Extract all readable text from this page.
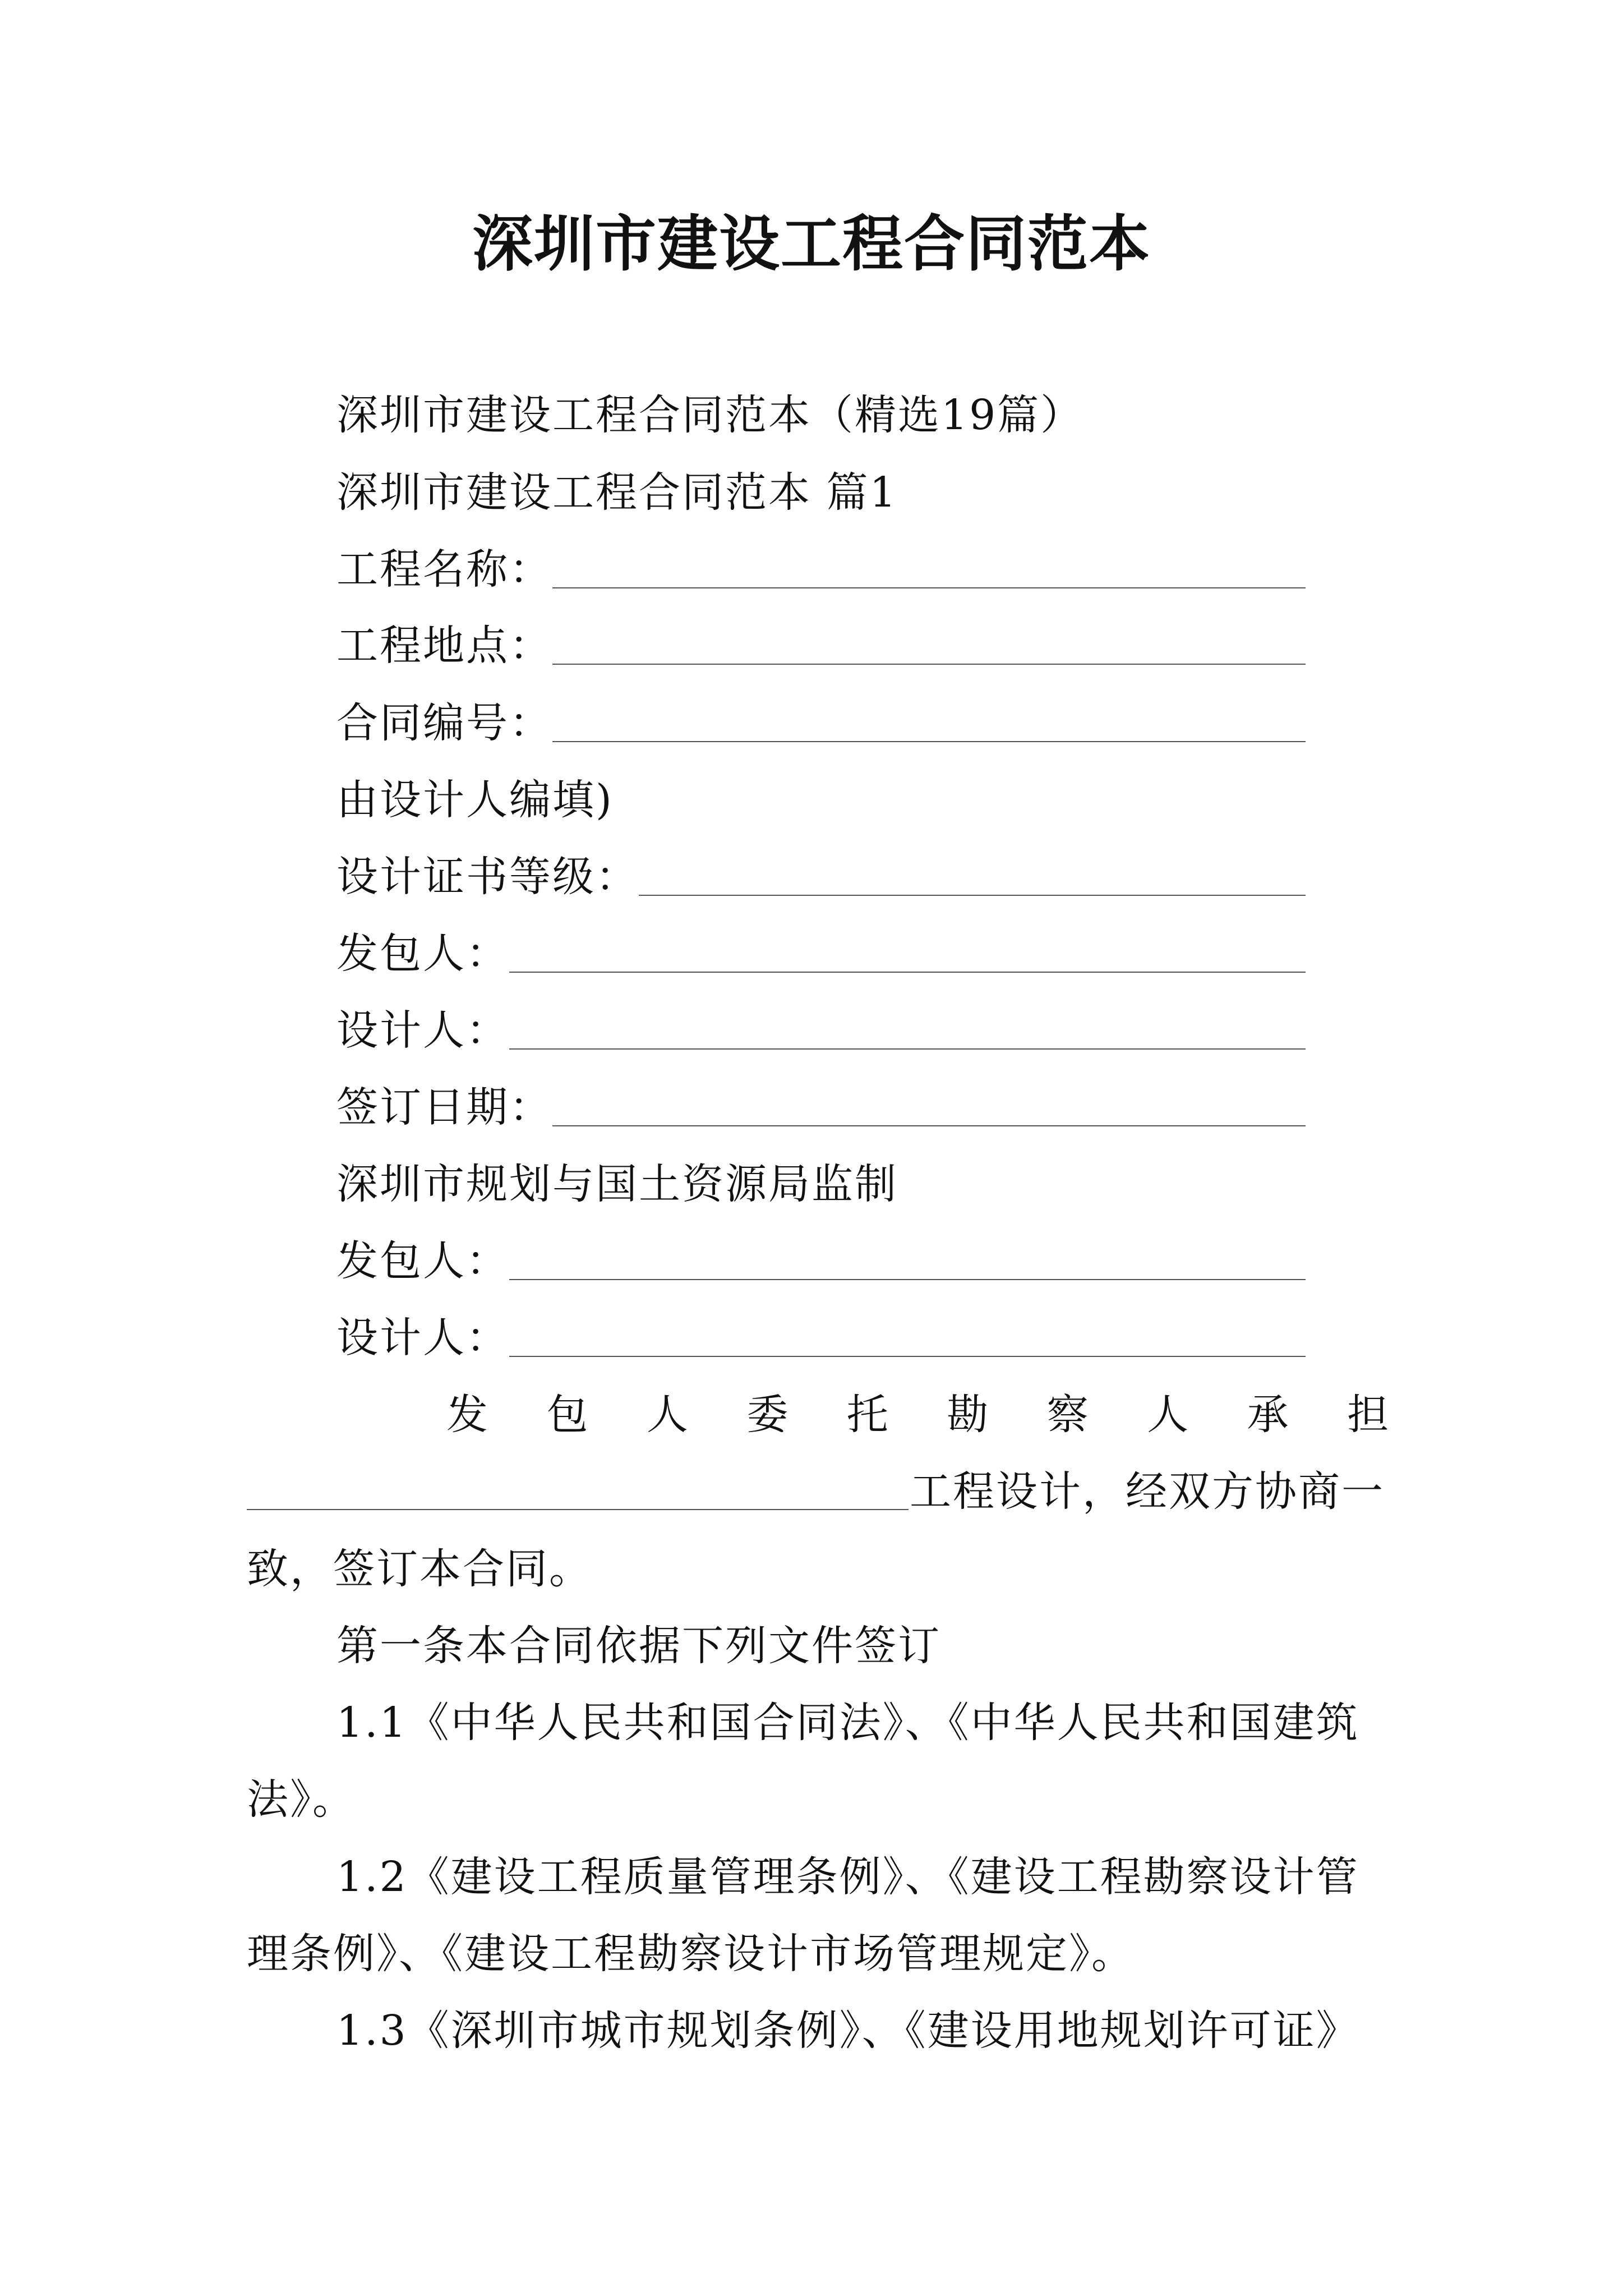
深圳市建设工程合同范本
深圳市建设工程合同范本（精选19篇）
深圳市建设工程合同范本 篇1
工程名称：
工程地点：
合同编号：
由设计人编填)
设计证书等级：
发包人：
设计人：
签订日期：
深圳市规划与国土资源局监制
发包人：
设计人：
发 包 人 委 托 勘 察 人 承 担
工程设计，经双方协商一
致，签订本合同。
第一条本合同依据下列文件签订
1.1《中华人民共和国合同法》、《中华人民共和国建筑
法》。
1.2《建设工程质量管理条例》、《建设工程勘察设计管
理条例》、《建设工程勘察设计市场管理规定》。
1.3《深圳市城市规划条例》、《建设用地规划许可证》
